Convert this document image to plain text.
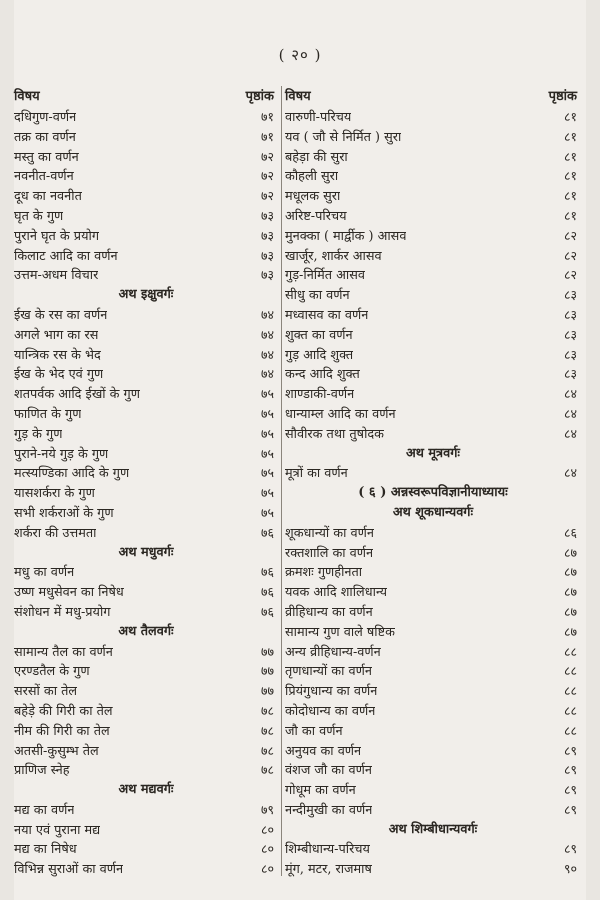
( २० )
विषय	पृष्ठांक
दधिगुण-वर्णन	७१
तक्र का वर्णन	७१
मस्तु का वर्णन	७२
नवनीत-वर्णन	७२
दूध का नवनीत	७२
घृत के गुण	७३
पुराने घृत के प्रयोग	७३
किलाट आदि का वर्णन	७३
उत्तम-अधम विचार	७३
अथ इक्षुवर्गः
ईख के रस का वर्णन	७४
अगले भाग का रस	७४
यान्त्रिक रस के भेद	७४
ईख के भेद एवं गुण	७४
शतपर्वक आदि ईखों के गुण	७५
फाणित के गुण	७५
गुड़ के गुण	७५
पुराने-नये गुड़ के गुण	७५
मत्स्यण्डिका आदि के गुण	७५
यासशर्करा के गुण	७५
सभी शर्कराओं के गुण	७५
शर्करा की उत्तमता	७६
अथ मधुवर्गः
मधु का वर्णन	७६
उष्ण मधुसेवन का निषेध	७६
संशोधन में मधु-प्रयोग	७६
अथ तैलवर्गः
सामान्य तैल का वर्णन	७७
एरण्डतैल के गुण	७७
सरसों का तेल	७७
बहेड़े की गिरी का तेल	७८
नीम की गिरी का तेल	७८
अतसी-कुसुम्भ तेल	७८
प्राणिज स्नेह	७८
अथ मद्यवर्गः
मद्य का वर्णन	७९
नया एवं पुराना मद्य	८०
मद्य का निषेध	८०
विभिन्न सुराओं का वर्णन	८०
विषय	पृष्ठांक
वारुणी-परिचय	८१
यव ( जौ से निर्मित ) सुरा	८१
बहेड़ा की सुरा	८१
कौहली सुरा	८१
मधूलक सुरा	८१
अरिष्ट-परिचय	८१
मुनक्का ( मार्द्वीक ) आसव	८२
खार्जूर, शार्कर आसव	८२
गुड़-निर्मित आसव	८२
सीधु का वर्णन	८३
मध्वासव का वर्णन	८३
शुक्त का वर्णन	८३
गुड़ आदि शुक्त	८३
कन्द आदि शुक्त	८३
शाण्डाकी-वर्णन	८४
धान्याम्ल आदि का वर्णन	८४
सौवीरक तथा तुषोदक	८४
अथ मूत्रवर्गः
मूत्रों का वर्णन	८४
( ६ ) अन्नस्वरूपविज्ञानीयाध्यायः
अथ शूकधान्यवर्गः
शूकधान्यों का वर्णन	८६
रक्तशालि का वर्णन	८७
क्रमशः गुणहीनता	८७
यवक आदि शालिधान्य	८७
व्रीहिधान्य का वर्णन	८७
सामान्य गुण वाले षष्टिक	८७
अन्य व्रीहिधान्य-वर्णन	८८
तृणधान्यों का वर्णन	८८
प्रियंगुधान्य का वर्णन	८८
कोदोधान्य का वर्णन	८८
जौ का वर्णन	८८
अनुयव का वर्णन	८९
वंशज जौ का वर्णन	८९
गोधूम का वर्णन	८९
नन्दीमुखी का वर्णन	८९
अथ शिम्बीधान्यवर्गः
शिम्बीधान्य-परिचय	८९
मूंग, मटर, राजमाष	९०
